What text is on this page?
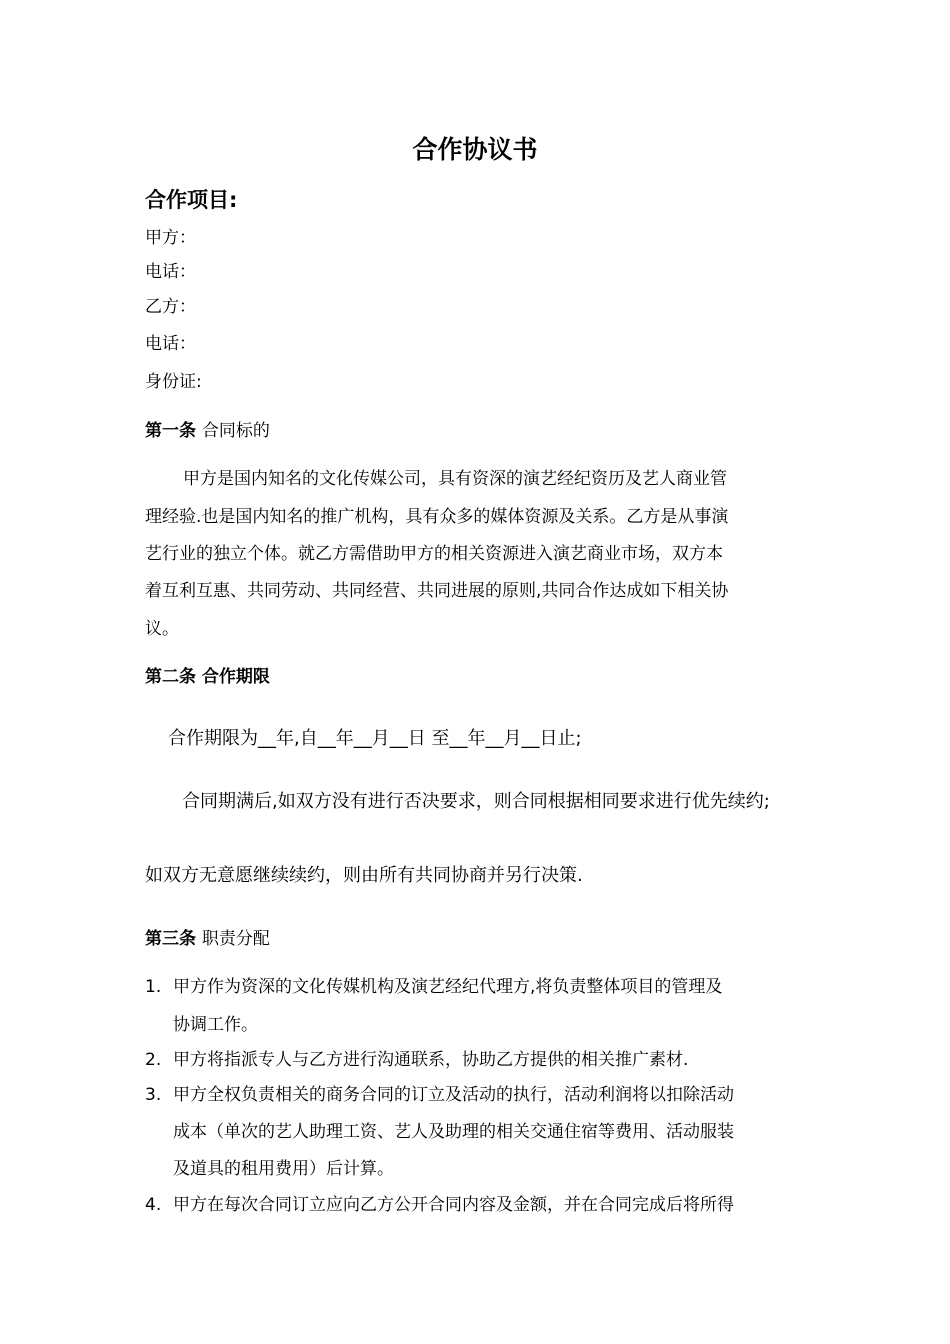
合作协议书
合作项目:
甲方：
电话：
乙方：
电话：
身份证:
第一条 合同标的
甲方是国内知名的文化传媒公司，具有资深的演艺经纪资历及艺人商业管
理经验.也是国内知名的推广机构，具有众多的媒体资源及关系。乙方是从事演
艺行业的独立个体。就乙方需借助甲方的相关资源进入演艺商业市场，双方本
着互利互惠、共同劳动、共同经营、共同进展的原则,共同合作达成如下相关协
议。
第二条 合作期限
合作期限为__年,自__年__月__日 至__年__月__日止;
合同期满后,如双方没有进行否决要求，则合同根据相同要求进行优先续约;
如双方无意愿继续续约，则由所有共同协商并另行决策.
第三条 职责分配
1. 甲方作为资深的文化传媒机构及演艺经纪代理方,将负责整体项目的管理及
协调工作。
2. 甲方将指派专人与乙方进行沟通联系，协助乙方提供的相关推广素材.
3. 甲方全权负责相关的商务合同的订立及活动的执行，活动利润将以扣除活动
成本（单次的艺人助理工资、艺人及助理的相关交通住宿等费用、活动服装
及道具的租用费用）后计算。
4. 甲方在每次合同订立应向乙方公开合同内容及金额，并在合同完成后将所得
